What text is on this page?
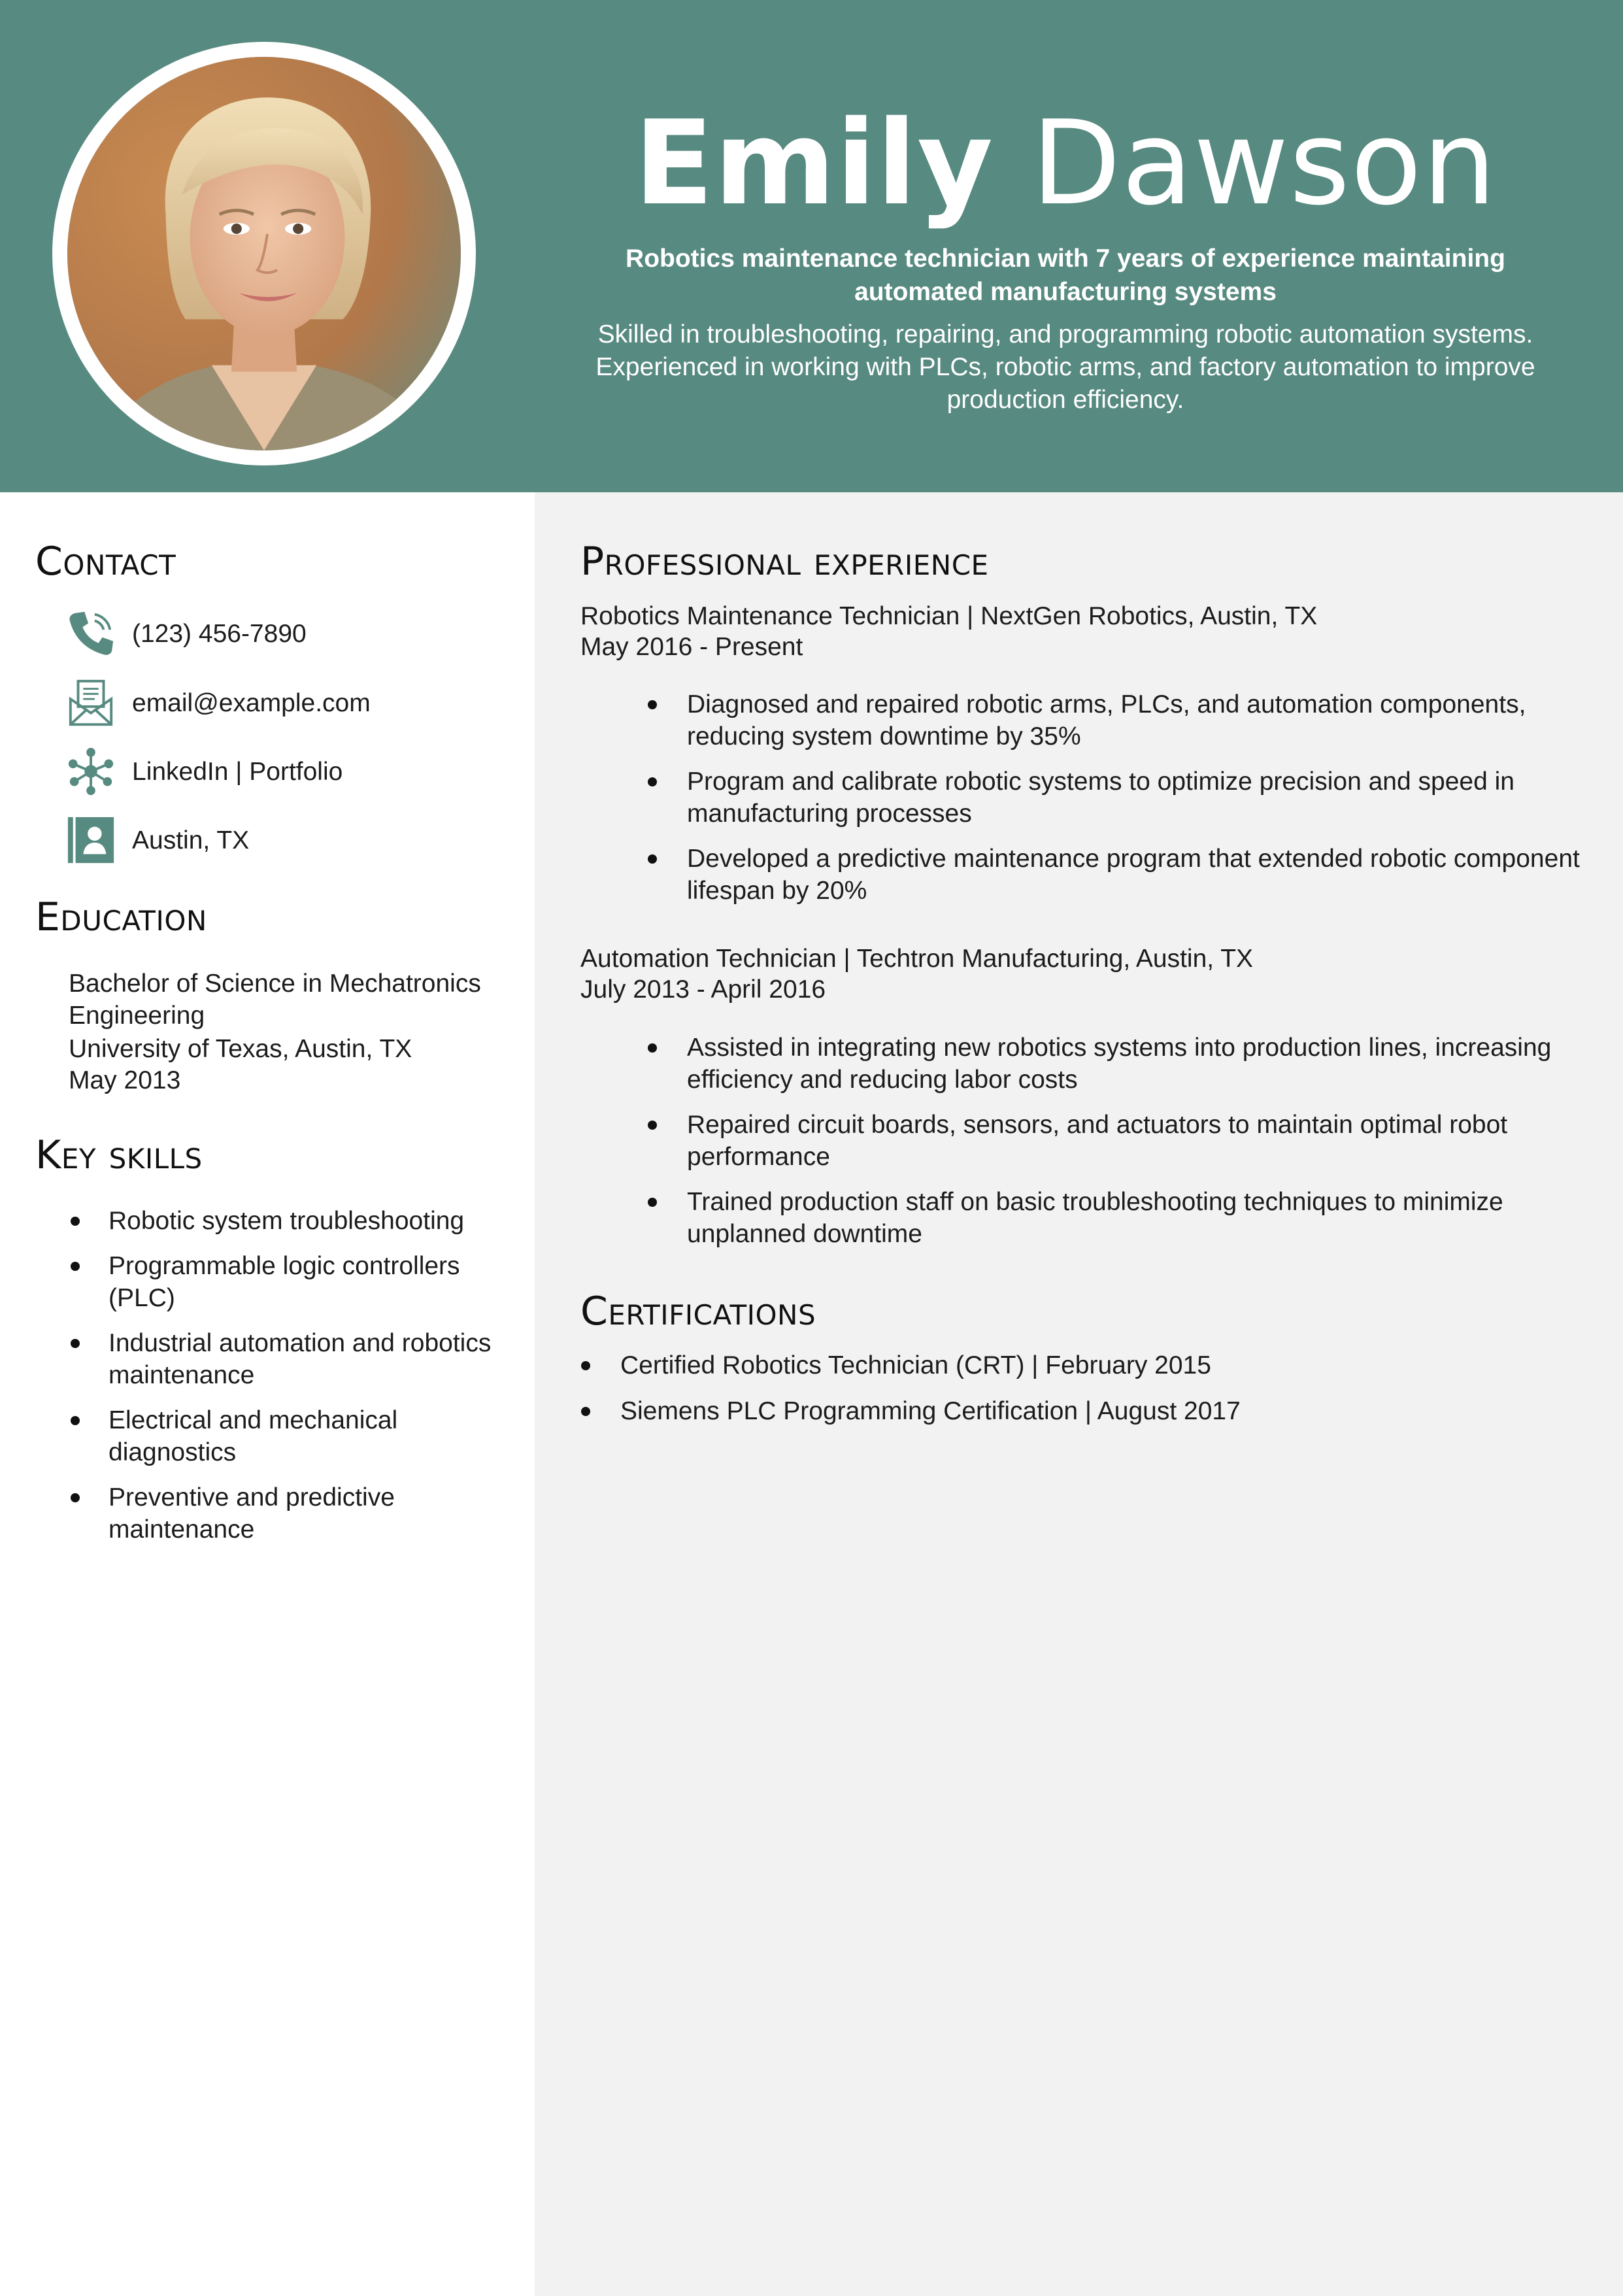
Emily Dawson
Robotics maintenance technician with 7 years of experience maintaining automated manufacturing systems
Skilled in troubleshooting, repairing, and programming robotic automation systems. Experienced in working with PLCs, robotic arms, and factory automation to improve production efficiency.
Contact
(123) 456-7890
email@example.com
LinkedIn | Portfolio
Austin, TX
Education
Bachelor of Science in Mechatronics
Engineering
University of Texas, Austin, TX
May 2013
Key skills
Robotic system troubleshooting
Programmable logic controllers (PLC)
Industrial automation and robotics maintenance
Electrical and mechanical diagnostics
Preventive and predictive maintenance
Professional experience
Robotics Maintenance Technician | NextGen Robotics, Austin, TX
May 2016 - Present
Diagnosed and repaired robotic arms, PLCs, and automation components, reducing system downtime by 35%
Program and calibrate robotic systems to optimize precision and speed in manufacturing processes
Developed a predictive maintenance program that extended robotic component lifespan by 20%
Automation Technician | Techtron Manufacturing, Austin, TX
July 2013 - April 2016
Assisted in integrating new robotics systems into production lines, increasing efficiency and reducing labor costs
Repaired circuit boards, sensors, and actuators to maintain optimal robot performance
Trained production staff on basic troubleshooting techniques to minimize unplanned downtime
Certifications
Certified Robotics Technician (CRT) | February 2015
Siemens PLC Programming Certification | August 2017
